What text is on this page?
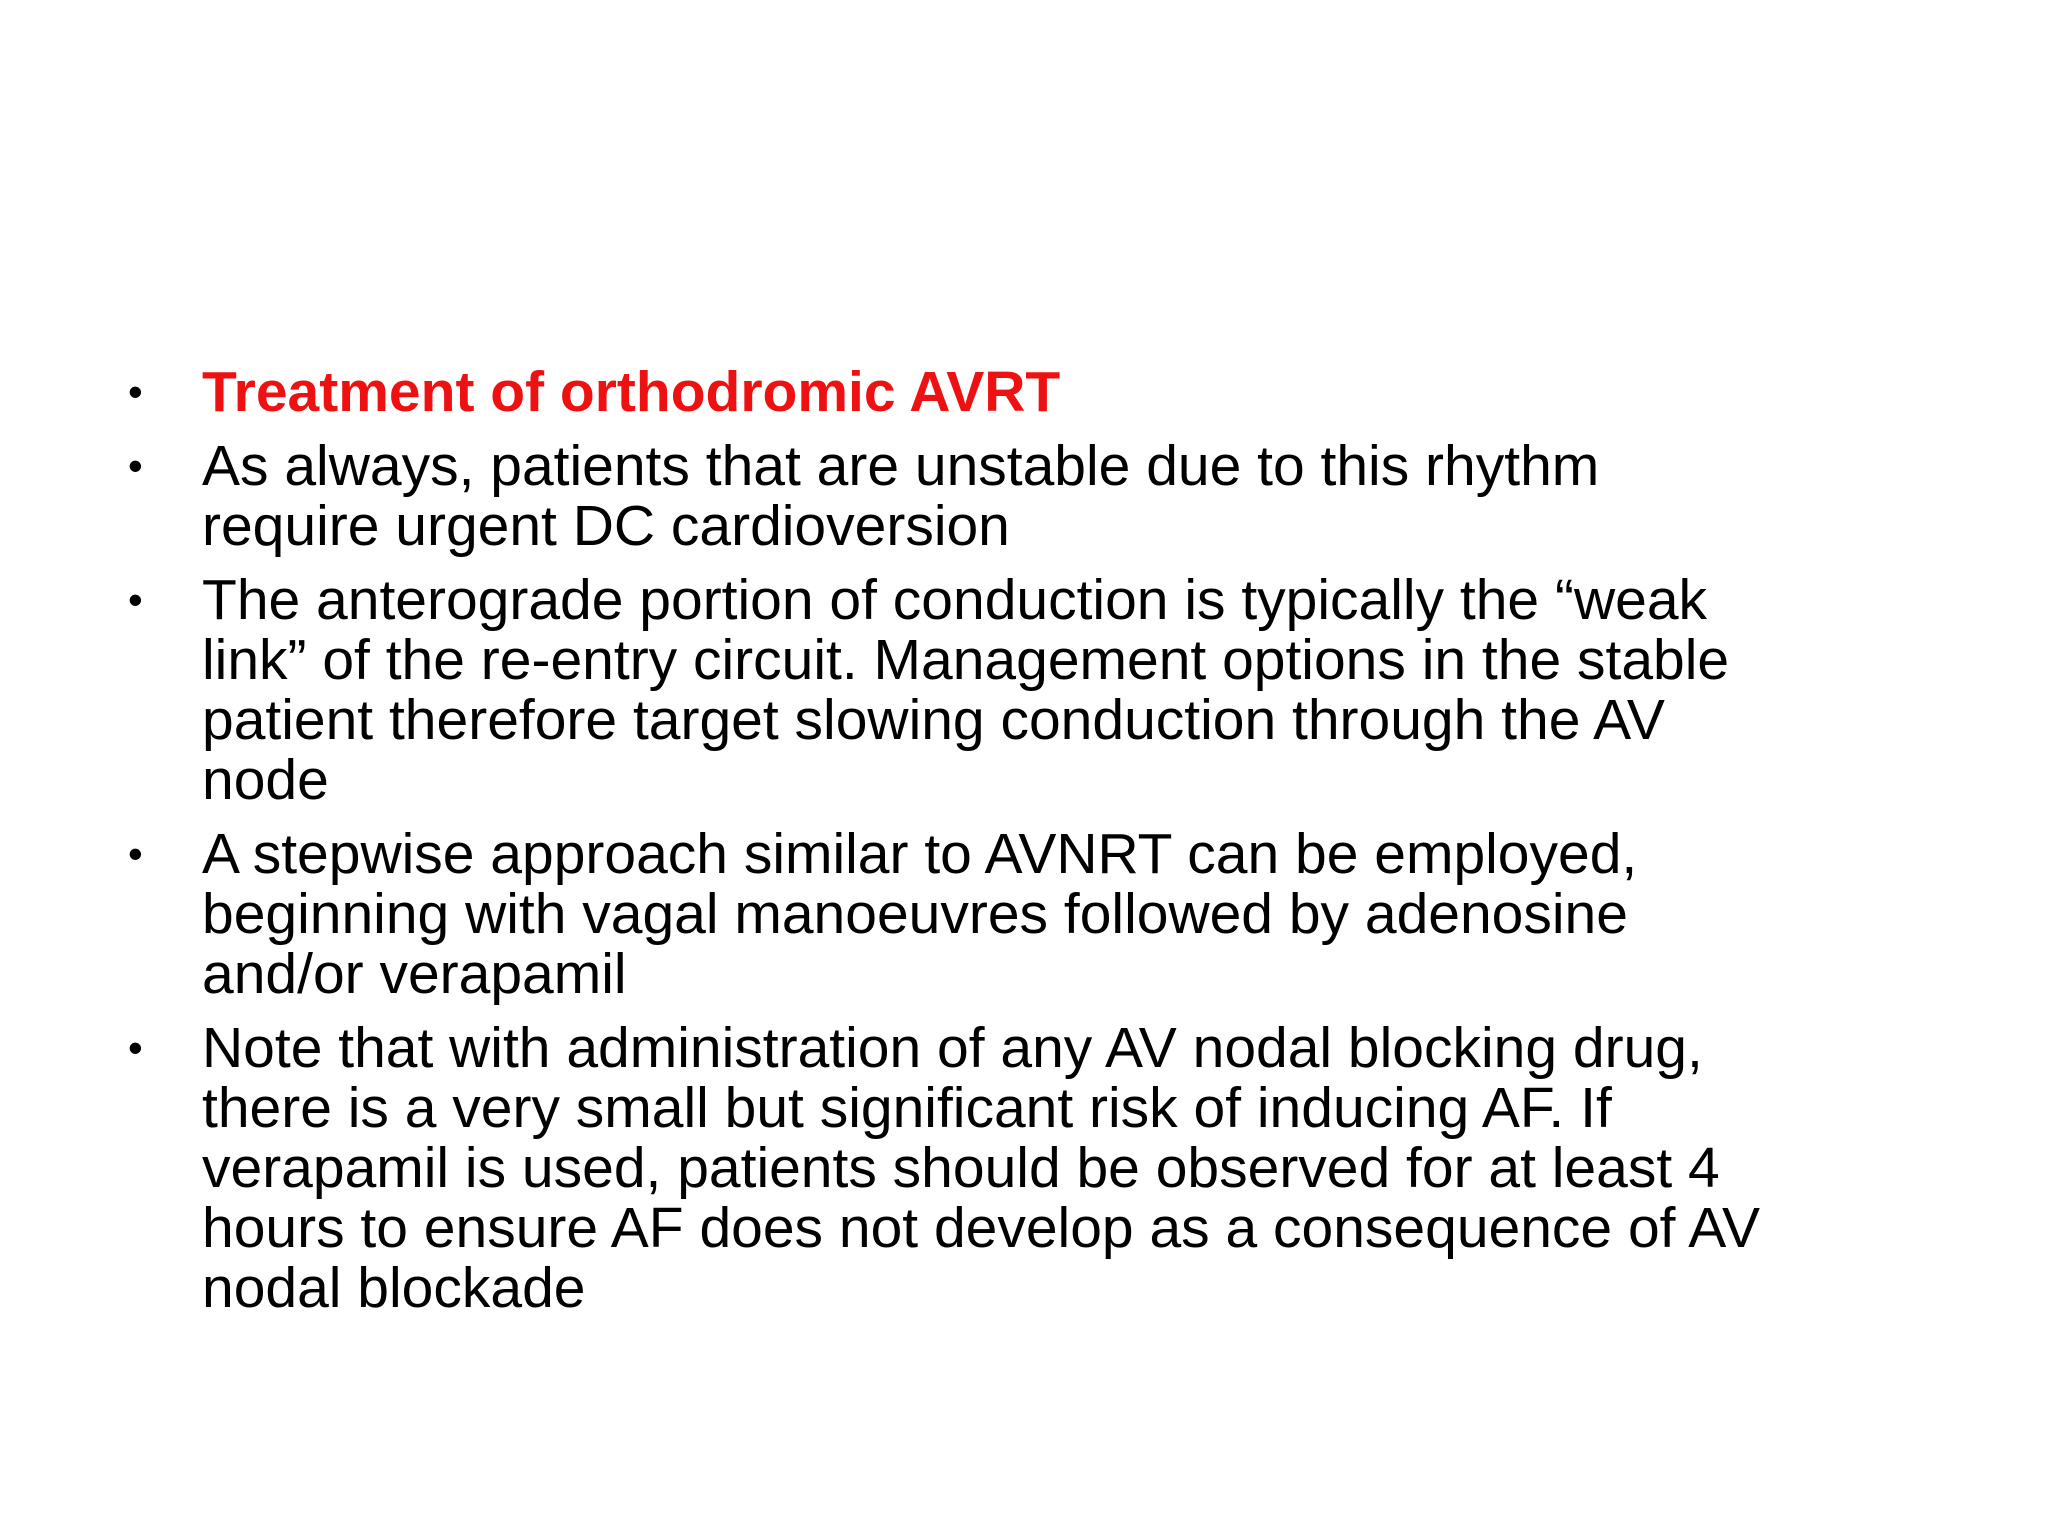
•	Treatment of orthodromic AVRT
•	As always, patients that are unstable due to this rhythm
require urgent DC cardioversion
•	The anterograde portion of conduction is typically the “weak
link” of the re-entry circuit. Management options in the stable
patient therefore target slowing conduction through the AV
node
•	A stepwise approach similar to AVNRT can be employed,
beginning with vagal manoeuvres followed by adenosine
and/or verapamil
•	Note that with administration of any AV nodal blocking drug,
there is a very small but significant risk of inducing AF. If
verapamil is used, patients should be observed for at least 4
hours to ensure AF does not develop as a consequence of AV
nodal blockade
